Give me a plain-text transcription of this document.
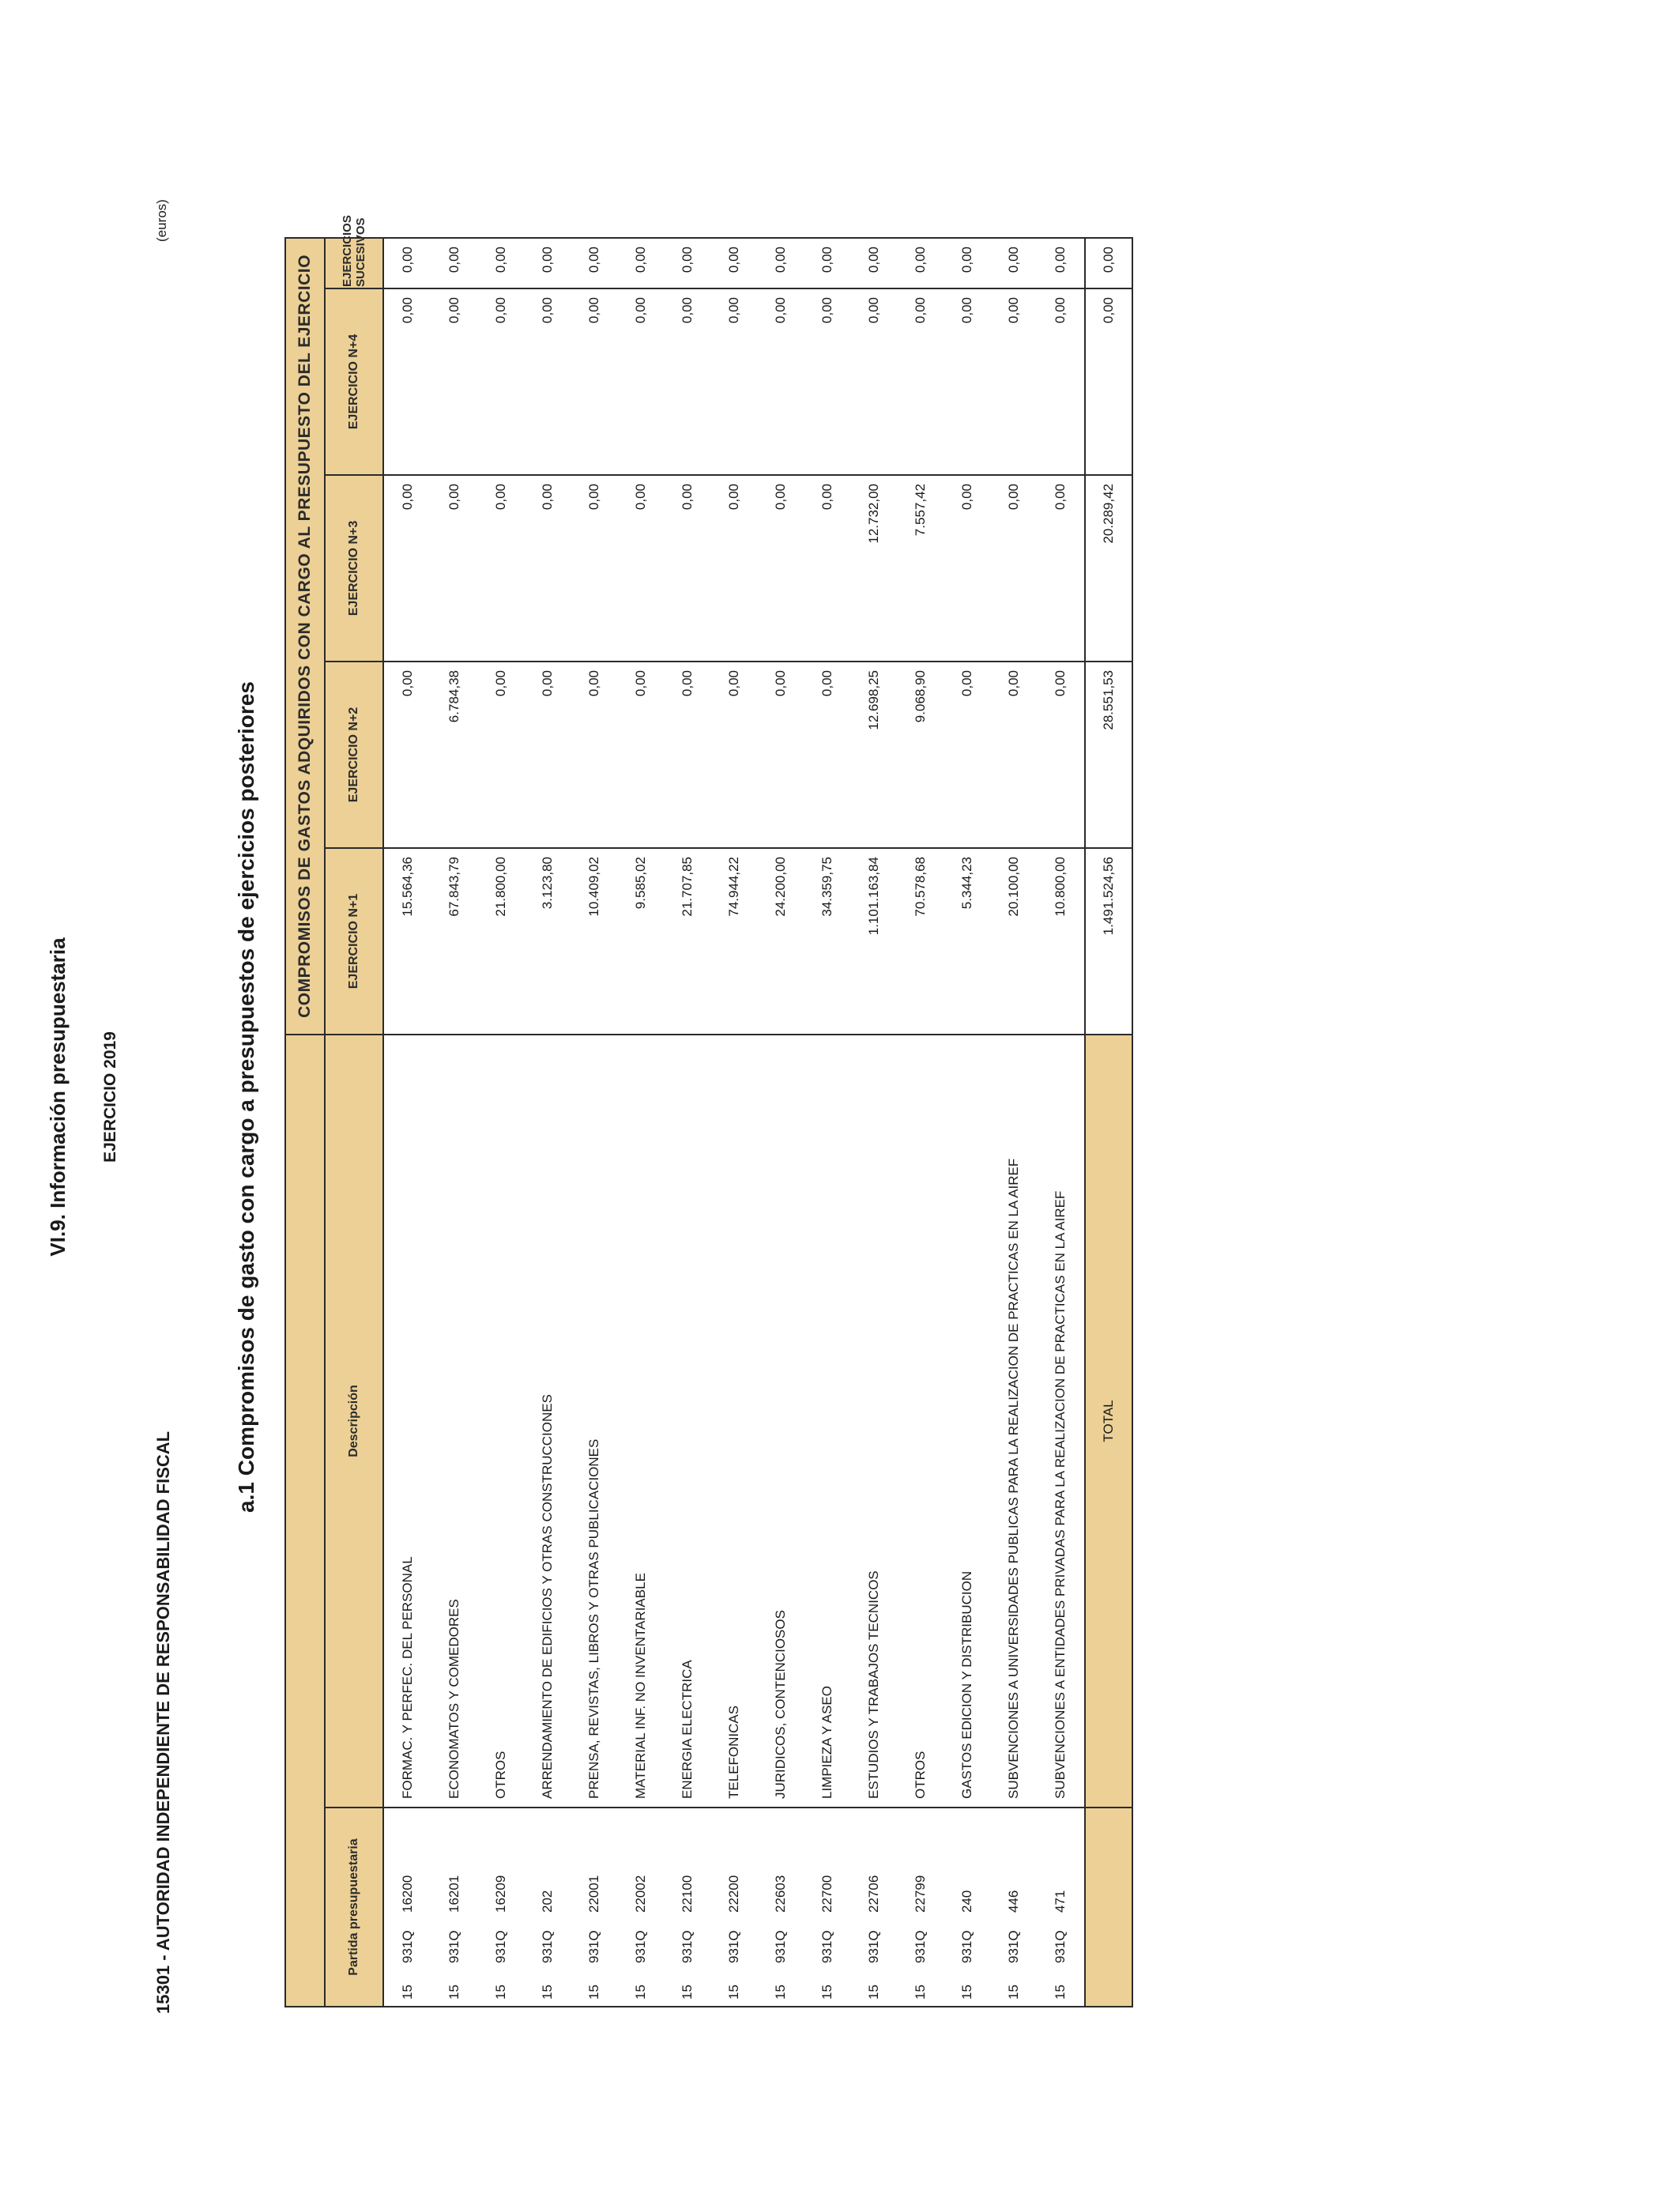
VI.9. Información presupuestaria EJERCICIO 2019
15301 - AUTORIDAD INDEPENDIENTE DE RESPONSABILIDAD FISCAL
(euros)
a.1 Compromisos de gasto con cargo a presupuestos de ejercicios posteriores
		COMPROMISOS DE GASTOS ADQUIRIDOS CON CARGO AL PRESUPUESTO DEL EJERCICIO				
Partida presupuestaria	Descripción	EJERCICIO N+1	EJERCICIO N+2	EJERCICIO N+3	EJERCICIO N+4	EJERCICIOS SUCESIVOS
15931Q16200	FORMAC. Y PERFEC. DEL PERSONAL	15.564,36	0,00	0,00	0,00	0,00
15931Q16201	ECONOMATOS Y COMEDORES	67.843,79	6.784,38	0,00	0,00	0,00
15931Q16209	OTROS	21.800,00	0,00	0,00	0,00	0,00
15931Q202	ARRENDAMIENTO DE EDIFICIOS Y OTRAS CONSTRUCCIONES	3.123,80	0,00	0,00	0,00	0,00
15931Q22001	PRENSA, REVISTAS, LIBROS Y OTRAS PUBLICACIONES	10.409,02	0,00	0,00	0,00	0,00
15931Q22002	MATERIAL INF. NO INVENTARIABLE	9.585,02	0,00	0,00	0,00	0,00
15931Q22100	ENERGIA ELECTRICA	21.707,85	0,00	0,00	0,00	0,00
15931Q22200	TELEFONICAS	74.944,22	0,00	0,00	0,00	0,00
15931Q22603	JURIDICOS, CONTENCIOSOS	24.200,00	0,00	0,00	0,00	0,00
15931Q22700	LIMPIEZA Y ASEO	34.359,75	0,00	0,00	0,00	0,00
15931Q22706	ESTUDIOS Y TRABAJOS TECNICOS	1.101.163,84	12.698,25	12.732,00	0,00	0,00
15931Q22799	OTROS	70.578,68	9.068,90	7.557,42	0,00	0,00
15931Q240	GASTOS EDICION Y DISTRIBUCION	5.344,23	0,00	0,00	0,00	0,00
15931Q446	SUBVENCIONES A UNIVERSIDADES PUBLICAS PARA LA REALIZACION DE PRACTICAS EN LA AIREF	20.100,00	0,00	0,00	0,00	0,00
15931Q471	SUBVENCIONES A ENTIDADES PRIVADAS PARA LA REALIZACION DE PRACTICAS EN LA AIREF	10.800,00	0,00	0,00	0,00	0,00
	TOTAL	1.491.524,56	28.551,53	20.289,42	0,00	0,00
